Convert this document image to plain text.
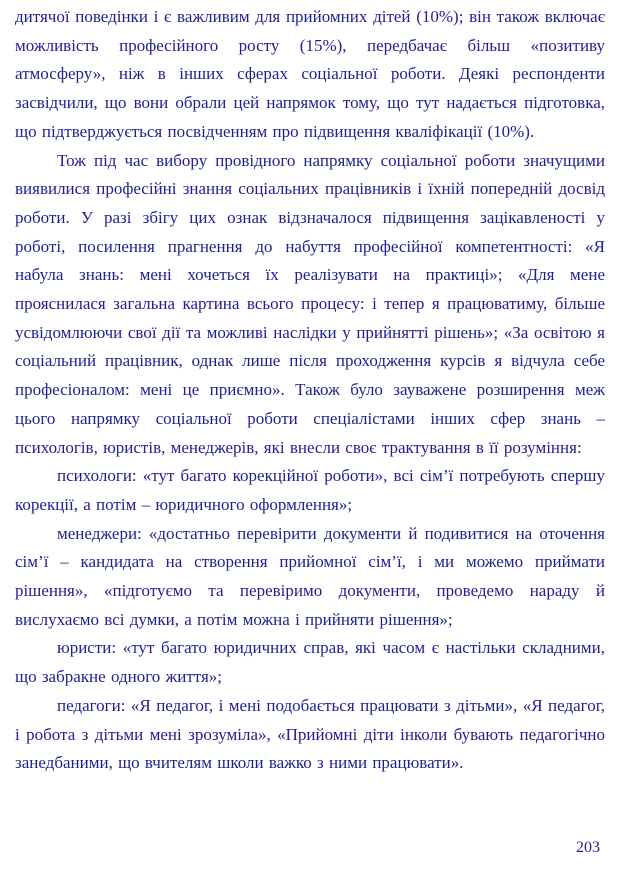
дитячої поведінки і є важливим для прийомних дітей (10%); він також включає можливість професійного росту (15%), передбачає більш «позитиву атмосферу», ніж в інших сферах соціальної роботи. Деякі респонденти засвідчили, що вони обрали цей напрямок тому, що тут надається підготовка, що підтверджується посвідченням про підвищення кваліфікації (10%).

Тож під час вибору провідного напрямку соціальної роботи значущими виявилися професійні знання соціальних працівників і їхній попередній досвід роботи. У разі збігу цих ознак відзначалося підвищення зацікавленості у роботі, посилення прагнення до набуття професійної компетентності: «Я набула знань: мені хочеться їх реалізувати на практиці»; «Для мене прояснилася загальна картина всього процесу: і тепер я працюватиму, більше усвідомлюючи свої дії та можливі наслідки у прийнятті рішень»; «За освітою я соціальний працівник, однак лише після проходження курсів я відчула себе професіоналом: мені це приємно». Також було зауважене розширення меж цього напрямку соціальної роботи спеціалістами інших сфер знань – психологів, юристів, менеджерів, які внесли своє трактування в її розуміння:

психологи: «тут багато корекційної роботи», всі сім’ї потребують спершу корекції, а потім – юридичного оформлення»;

менеджери: «достатньо перевірити документи й подивитися на оточення сім’ї – кандидата на створення прийомної сім’ї, і ми можемо приймати рішення», «підготуємо та перевіримо документи, проведемо нараду й вислухаємо всі думки, а потім можна і прийняти рішення»;

юристи: «тут багато юридичних справ, які часом є настільки складними, що забракне одного життя»;

педагоги: «Я педагог, і мені подобається працювати з дітьми», «Я педагог, і робота з дітьми мені зрозуміла», «Прийомні діти інколи бувають педагогічно занедбаними, що вчителям школи важко з ними працювати».

203
